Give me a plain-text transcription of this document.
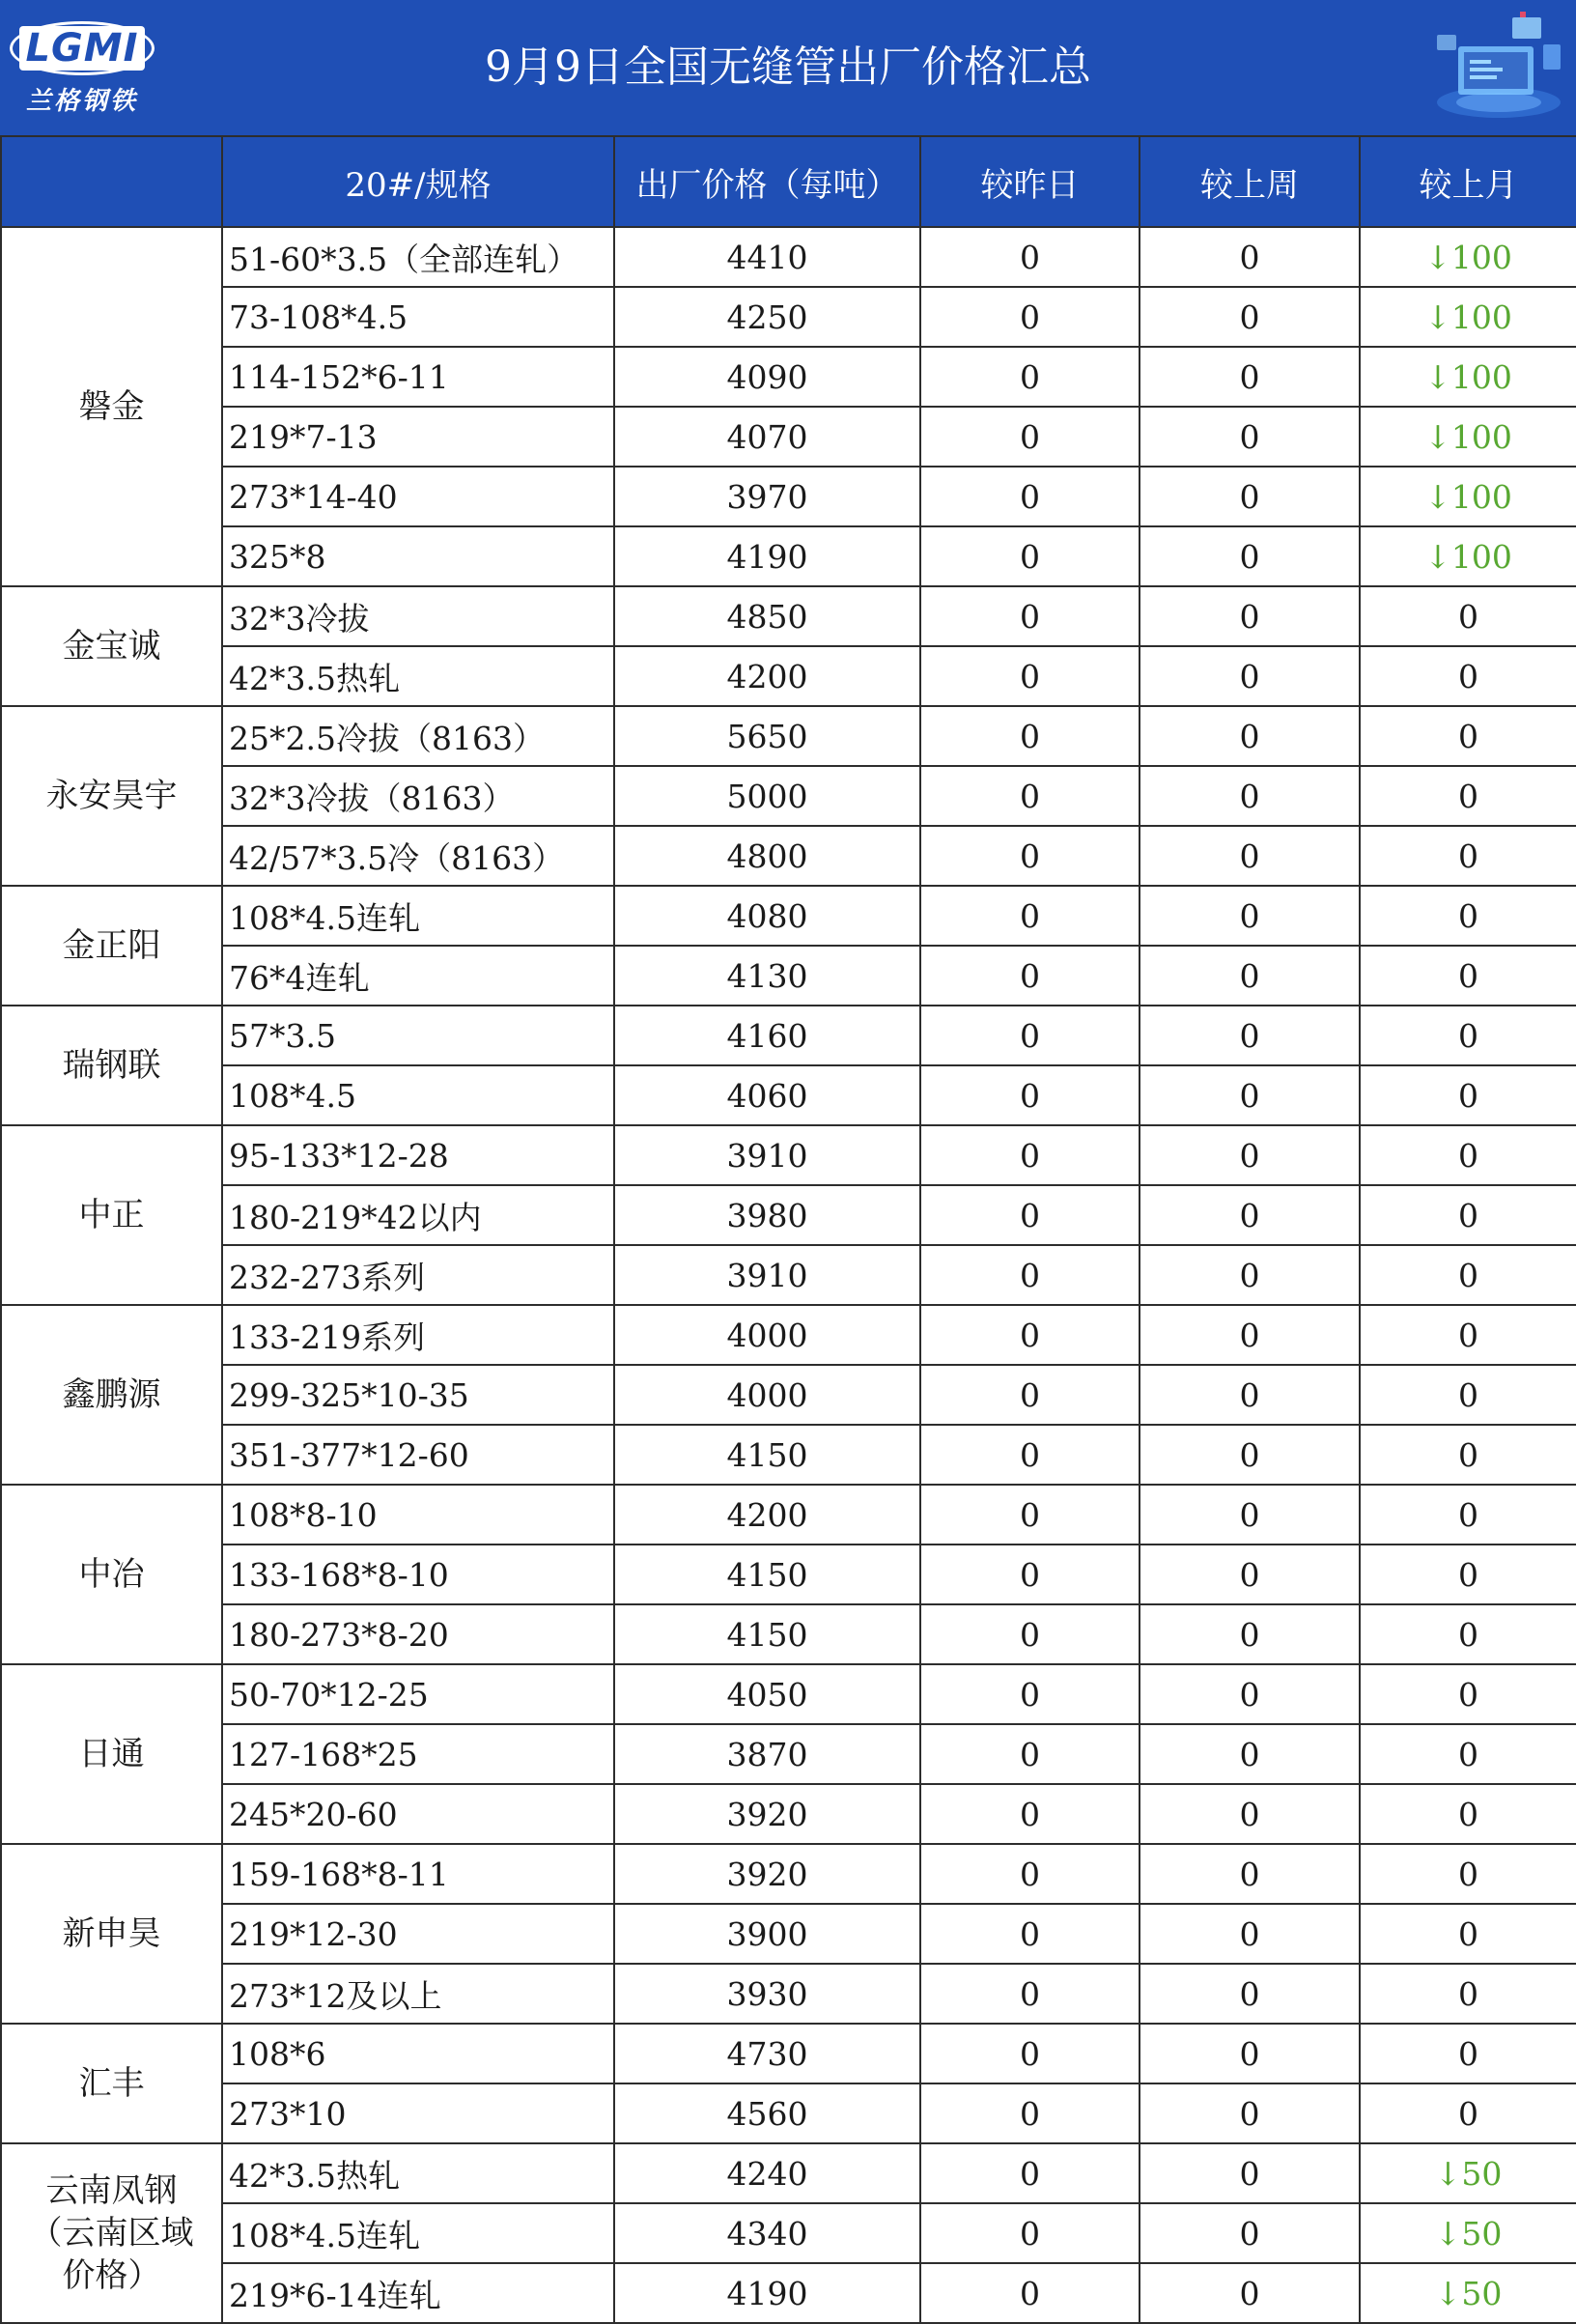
LGMI
兰格钢铁
9月9日全国无缝管出厂价格汇总
	20#/规格	出厂价格（每吨）	较昨日	较上周	较上月
磐金	51-60*3.5（全部连轧）	4410	0	0	↓100
	73-108*4.5	4250	0	0	↓100
	114-152*6-11	4090	0	0	↓100
	219*7-13	4070	0	0	↓100
	273*14-40	3970	0	0	↓100
	325*8	4190	0	0	↓100
金宝诚	32*3冷拔	4850	0	0	0
	42*3.5热轧	4200	0	0	0
永安昊宇	25*2.5冷拔（8163）	5650	0	0	0
	32*3冷拔（8163）	5000	0	0	0
	42/57*3.5冷（8163）	4800	0	0	0
金正阳	108*4.5连轧	4080	0	0	0
	76*4连轧	4130	0	0	0
瑞钢联	57*3.5	4160	0	0	0
	108*4.5	4060	0	0	0
中正	95-133*12-28	3910	0	0	0
	180-219*42以内	3980	0	0	0
	232-273系列	3910	0	0	0
鑫鹏源	133-219系列	4000	0	0	0
	299-325*10-35	4000	0	0	0
	351-377*12-60	4150	0	0	0
中冶	108*8-10	4200	0	0	0
	133-168*8-10	4150	0	0	0
	180-273*8-20	4150	0	0	0
日通	50-70*12-25	4050	0	0	0
	127-168*25	3870	0	0	0
	245*20-60	3920	0	0	0
新申昊	159-168*8-11	3920	0	0	0
	219*12-30	3900	0	0	0
	273*12及以上	3930	0	0	0
汇丰	108*6	4730	0	0	0
	273*10	4560	0	0	0
云南凤钢
（云南区域
价格）	42*3.5热轧	4240	0	0	↓50
	108*4.5连轧	4340	0	0	↓50
	219*6-14连轧	4190	0	0	↓50
